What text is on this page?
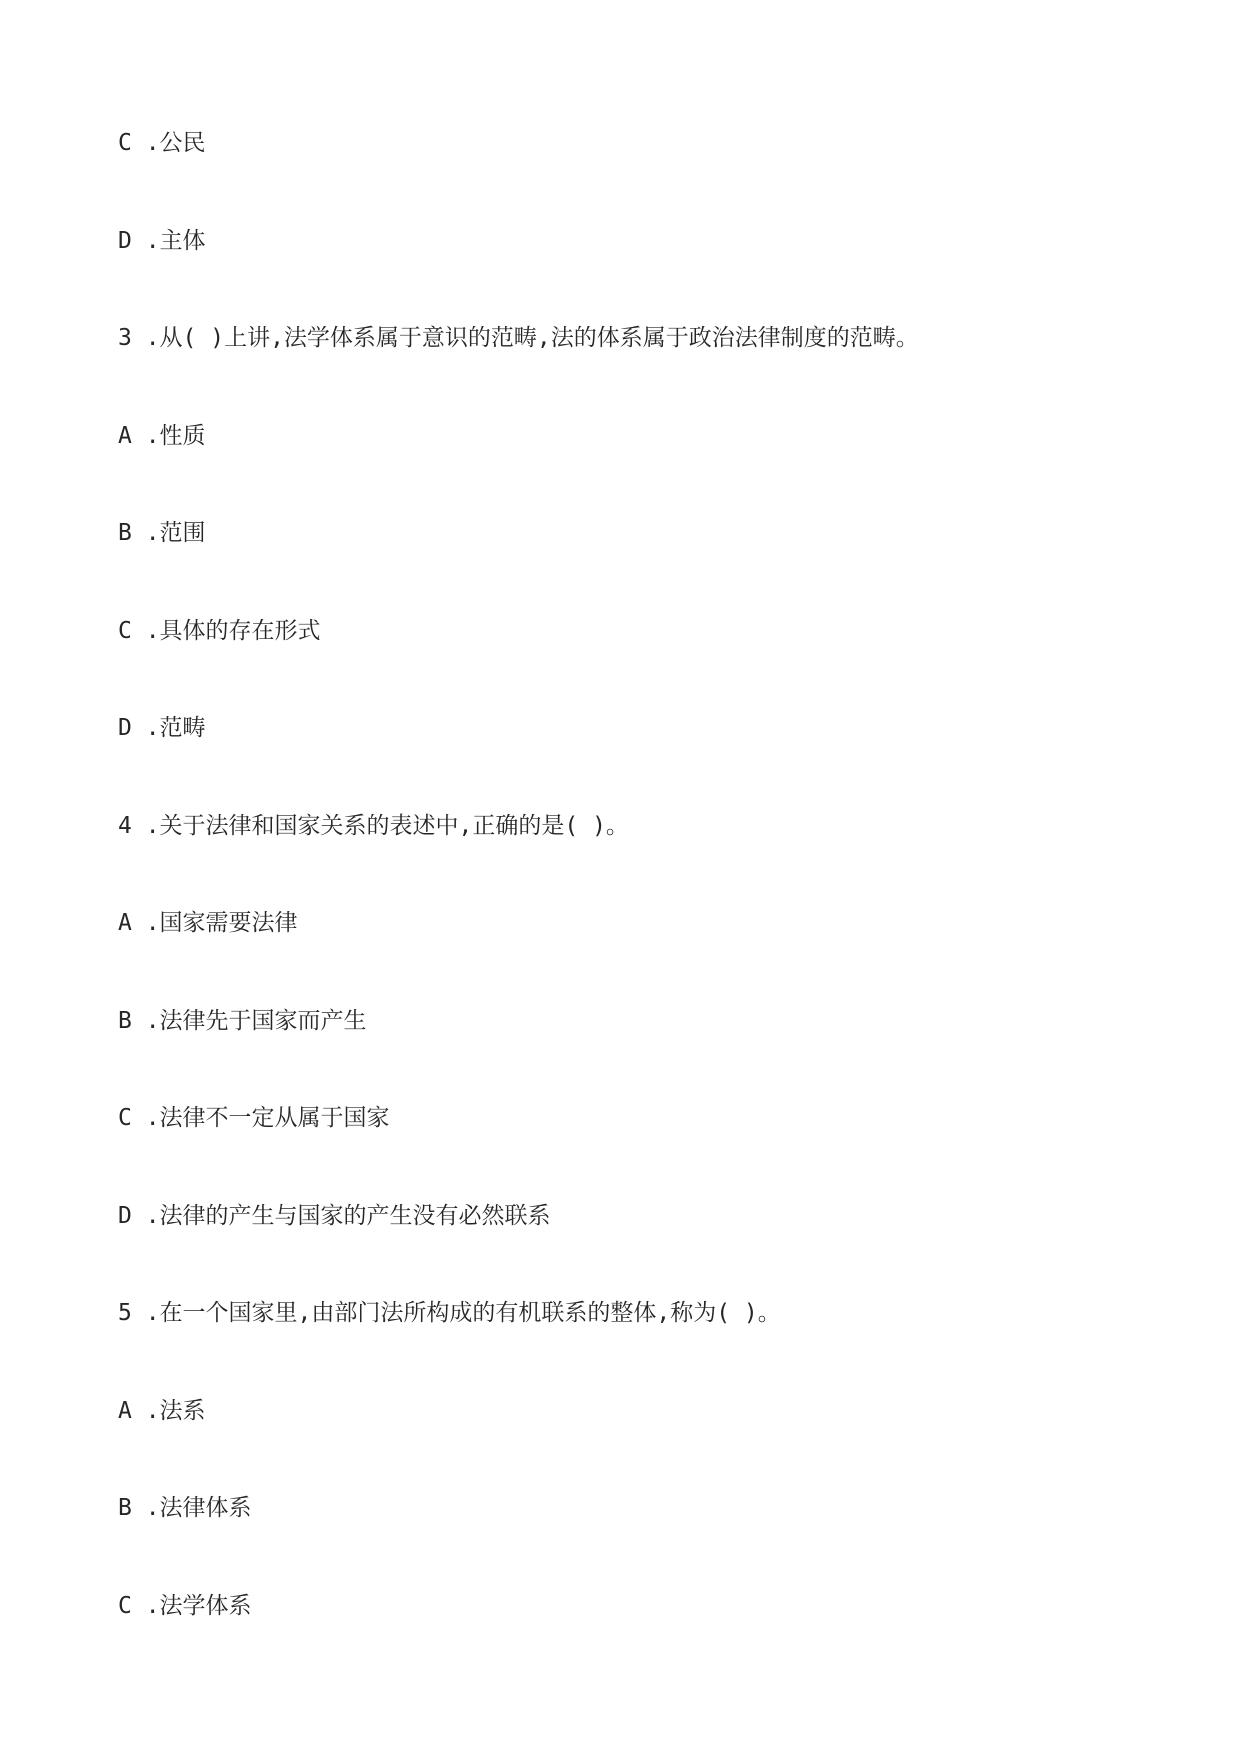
C .公民
D .主体
3 .从( )上讲,法学体系属于意识的范畴,法的体系属于政治法律制度的范畴。
A .性质
B .范围
C .具体的存在形式
D .范畴
4 .关于法律和国家关系的表述中,正确的是( )。
A .国家需要法律
B .法律先于国家而产生
C .法律不一定从属于国家
D .法律的产生与国家的产生没有必然联系
5 .在一个国家里,由部门法所构成的有机联系的整体,称为( )。
A .法系
B .法律体系
C .法学体系
